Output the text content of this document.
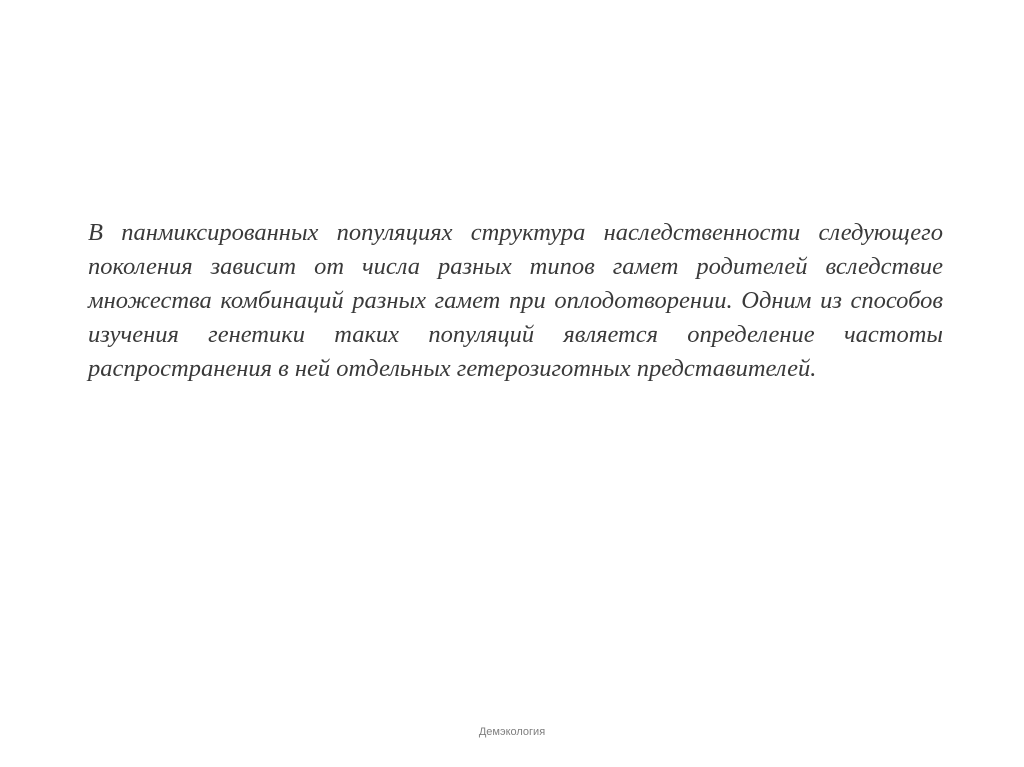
В панмиксированных популяциях структура наследственности следующего поколения зависит от числа разных типов гамет родителей вследствие множества комбинаций разных гамет при оплодотворении. Одним из способов изучения генетики таких популяций является определение частоты распространения в ней отдельных гетерозиготных представителей.

Демэкология
